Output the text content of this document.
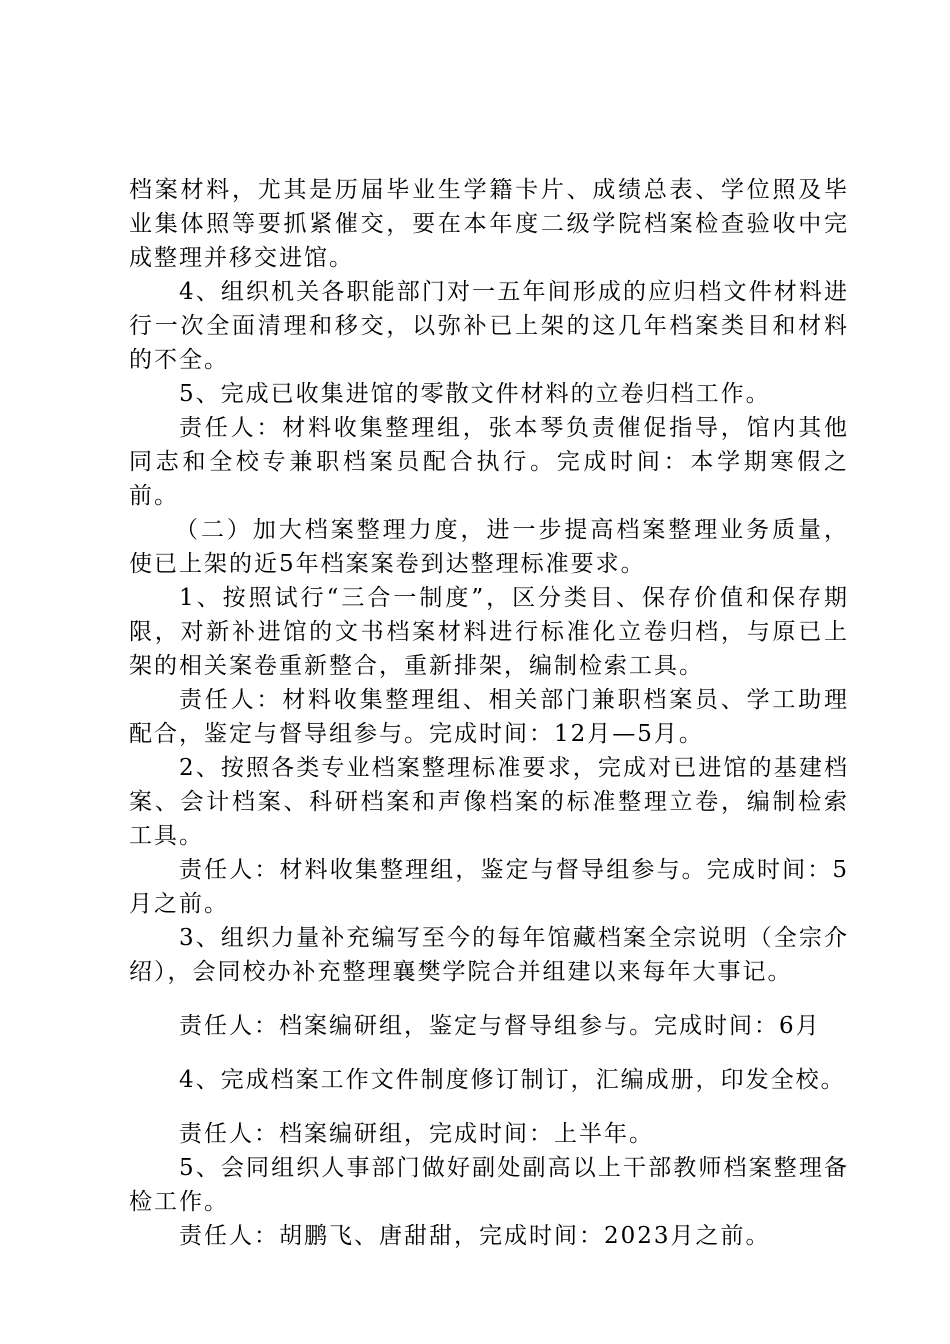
档案材料，尤其是历届毕业生学籍卡片、成绩总表、学位照及毕业集体照等要抓紧催交，要在本年度二级学院档案检查验收中完成整理并移交进馆。

4、组织机关各职能部门对一五年间形成的应归档文件材料进行一次全面清理和移交，以弥补已上架的这几年档案类目和材料的不全。

5、完成已收集进馆的零散文件材料的立卷归档工作。

责任人：材料收集整理组，张本琴负责催促指导，馆内其他同志和全校专兼职档案员配合执行。完成时间：本学期寒假之前。

（二）加大档案整理力度，进一步提高档案整理业务质量，使已上架的近5年档案案卷到达整理标准要求。

1、按照试行“三合一制度”，区分类目、保存价值和保存期限，对新补进馆的文书档案材料进行标准化立卷归档，与原已上架的相关案卷重新整合，重新排架，编制检索工具。

责任人：材料收集整理组、相关部门兼职档案员、学工助理配合，鉴定与督导组参与。完成时间：12月—5月。

2、按照各类专业档案整理标准要求，完成对已进馆的基建档案、会计档案、科研档案和声像档案的标准整理立卷，编制检索工具。

责任人：材料收集整理组，鉴定与督导组参与。完成时间：5月之前。

3、组织力量补充编写至今的每年馆藏档案全宗说明（全宗介绍），会同校办补充整理襄樊学院合并组建以来每年大事记。

责任人：档案编研组，鉴定与督导组参与。完成时间：6月

4、完成档案工作文件制度修订制订，汇编成册，印发全校。

责任人：档案编研组，完成时间：上半年。

5、会同组织人事部门做好副处副高以上干部教师档案整理备检工作。

责任人：胡鹏飞、唐甜甜，完成时间：2023月之前。
